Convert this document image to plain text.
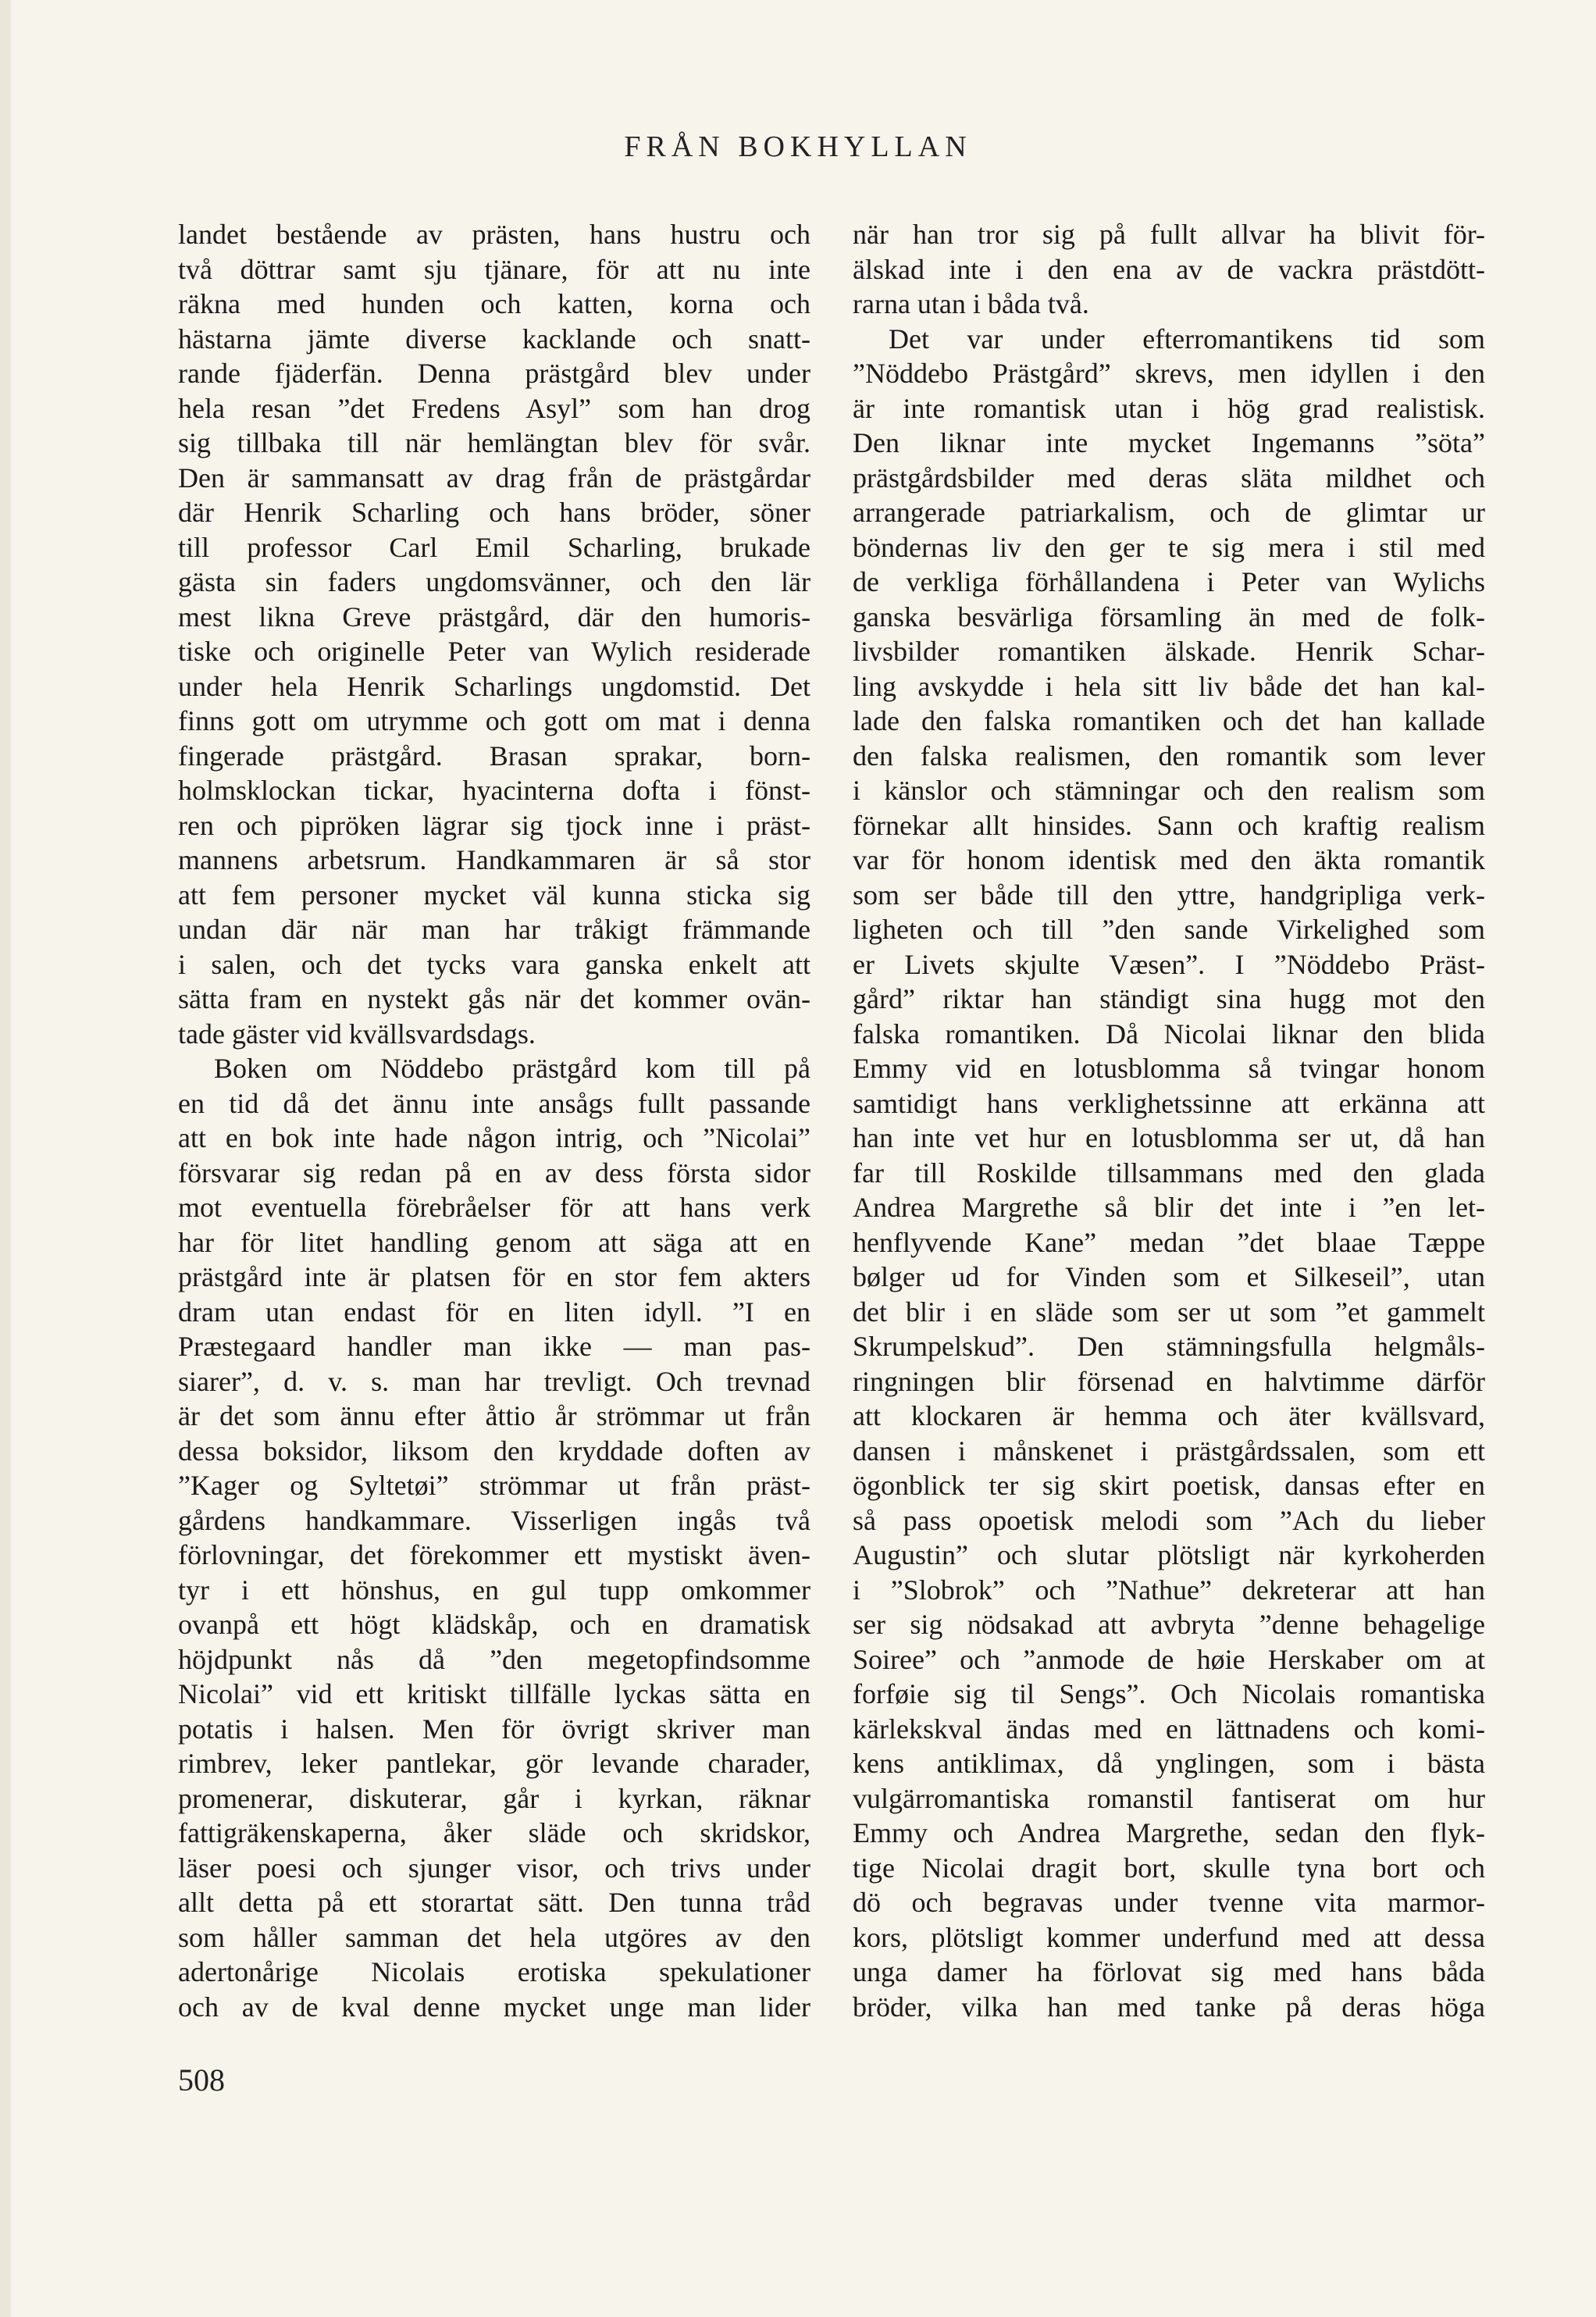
FRÅN BOKHYLLAN
landet bestående av prästen, hans hustru och
två döttrar samt sju tjänare, för att nu inte
räkna med hunden och katten, korna och
hästarna jämte diverse kacklande och snatt-
rande fjäderfän. Denna prästgård blev under
hela resan ”det Fredens Asyl” som han drog
sig tillbaka till när hemlängtan blev för svår.
Den är sammansatt av drag från de prästgårdar
där Henrik Scharling och hans bröder, söner
till professor Carl Emil Scharling, brukade
gästa sin faders ungdomsvänner, och den lär
mest likna Greve prästgård, där den humoris-
tiske och originelle Peter van Wylich residerade
under hela Henrik Scharlings ungdomstid. Det
finns gott om utrymme och gott om mat i denna
fingerade prästgård. Brasan sprakar, born-
holmsklockan tickar, hyacinterna dofta i fönst-
ren och pipröken lägrar sig tjock inne i präst-
mannens arbetsrum. Handkammaren är så stor
att fem personer mycket väl kunna sticka sig
undan där när man har tråkigt främmande
i salen, och det tycks vara ganska enkelt att
sätta fram en nystekt gås när det kommer ovän-
tade gäster vid kvällsvardsdags.
Boken om Nöddebo prästgård kom till på
en tid då det ännu inte ansågs fullt passande
att en bok inte hade någon intrig, och ”Nicolai”
försvarar sig redan på en av dess första sidor
mot eventuella förebråelser för att hans verk
har för litet handling genom att säga att en
prästgård inte är platsen för en stor fem akters
dram utan endast för en liten idyll. ”I en
Præstegaard handler man ikke — man pas-
siarer”, d. v. s. man har trevligt. Och trevnad
är det som ännu efter åttio år strömmar ut från
dessa boksidor, liksom den kryddade doften av
”Kager og Syltetøi” strömmar ut från präst-
gårdens handkammare. Visserligen ingås två
förlovningar, det förekommer ett mystiskt även-
tyr i ett hönshus, en gul tupp omkommer
ovanpå ett högt klädskåp, och en dramatisk
höjdpunkt nås då ”den megetopfindsomme
Nicolai” vid ett kritiskt tillfälle lyckas sätta en
potatis i halsen. Men för övrigt skriver man
rimbrev, leker pantlekar, gör levande charader,
promenerar, diskuterar, går i kyrkan, räknar
fattigräkenskaperna, åker släde och skridskor,
läser poesi och sjunger visor, och trivs under
allt detta på ett storartat sätt. Den tunna tråd
som håller samman det hela utgöres av den
adertonårige Nicolais erotiska spekulationer
och av de kval denne mycket unge man lider
när han tror sig på fullt allvar ha blivit för-
älskad inte i den ena av de vackra prästdött-
rarna utan i båda två.
Det var under efterromantikens tid som
”Nöddebo Prästgård” skrevs, men idyllen i den
är inte romantisk utan i hög grad realistisk.
Den liknar inte mycket Ingemanns ”söta”
prästgårdsbilder med deras släta mildhet och
arrangerade patriarkalism, och de glimtar ur
böndernas liv den ger te sig mera i stil med
de verkliga förhållandena i Peter van Wylichs
ganska besvärliga församling än med de folk-
livsbilder romantiken älskade. Henrik Schar-
ling avskydde i hela sitt liv både det han kal-
lade den falska romantiken och det han kallade
den falska realismen, den romantik som lever
i känslor och stämningar och den realism som
förnekar allt hinsides. Sann och kraftig realism
var för honom identisk med den äkta romantik
som ser både till den yttre, handgripliga verk-
ligheten och till ”den sande Virkelighed som
er Livets skjulte Væsen”. I ”Nöddebo Präst-
gård” riktar han ständigt sina hugg mot den
falska romantiken. Då Nicolai liknar den blida
Emmy vid en lotusblomma så tvingar honom
samtidigt hans verklighetssinne att erkänna att
han inte vet hur en lotusblomma ser ut, då han
far till Roskilde tillsammans med den glada
Andrea Margrethe så blir det inte i ”en let-
henflyvende Kane” medan ”det blaae Tæppe
bølger ud for Vinden som et Silkeseil”, utan
det blir i en släde som ser ut som ”et gammelt
Skrumpelskud”. Den stämningsfulla helgmåls-
ringningen blir försenad en halvtimme därför
att klockaren är hemma och äter kvällsvard,
dansen i månskenet i prästgårdssalen, som ett
ögonblick ter sig skirt poetisk, dansas efter en
så pass opoetisk melodi som ”Ach du lieber
Augustin” och slutar plötsligt när kyrkoherden
i ”Slobrok” och ”Nathue” dekreterar att han
ser sig nödsakad att avbryta ”denne behagelige
Soiree” och ”anmode de høie Herskaber om at
forføie sig til Sengs”. Och Nicolais romantiska
kärlekskval ändas med en lättnadens och komi-
kens antiklimax, då ynglingen, som i bästa
vulgärromantiska romanstil fantiserat om hur
Emmy och Andrea Margrethe, sedan den flyk-
tige Nicolai dragit bort, skulle tyna bort och
dö och begravas under tvenne vita marmor-
kors, plötsligt kommer underfund med att dessa
unga damer ha förlovat sig med hans båda
bröder, vilka han med tanke på deras höga
508
